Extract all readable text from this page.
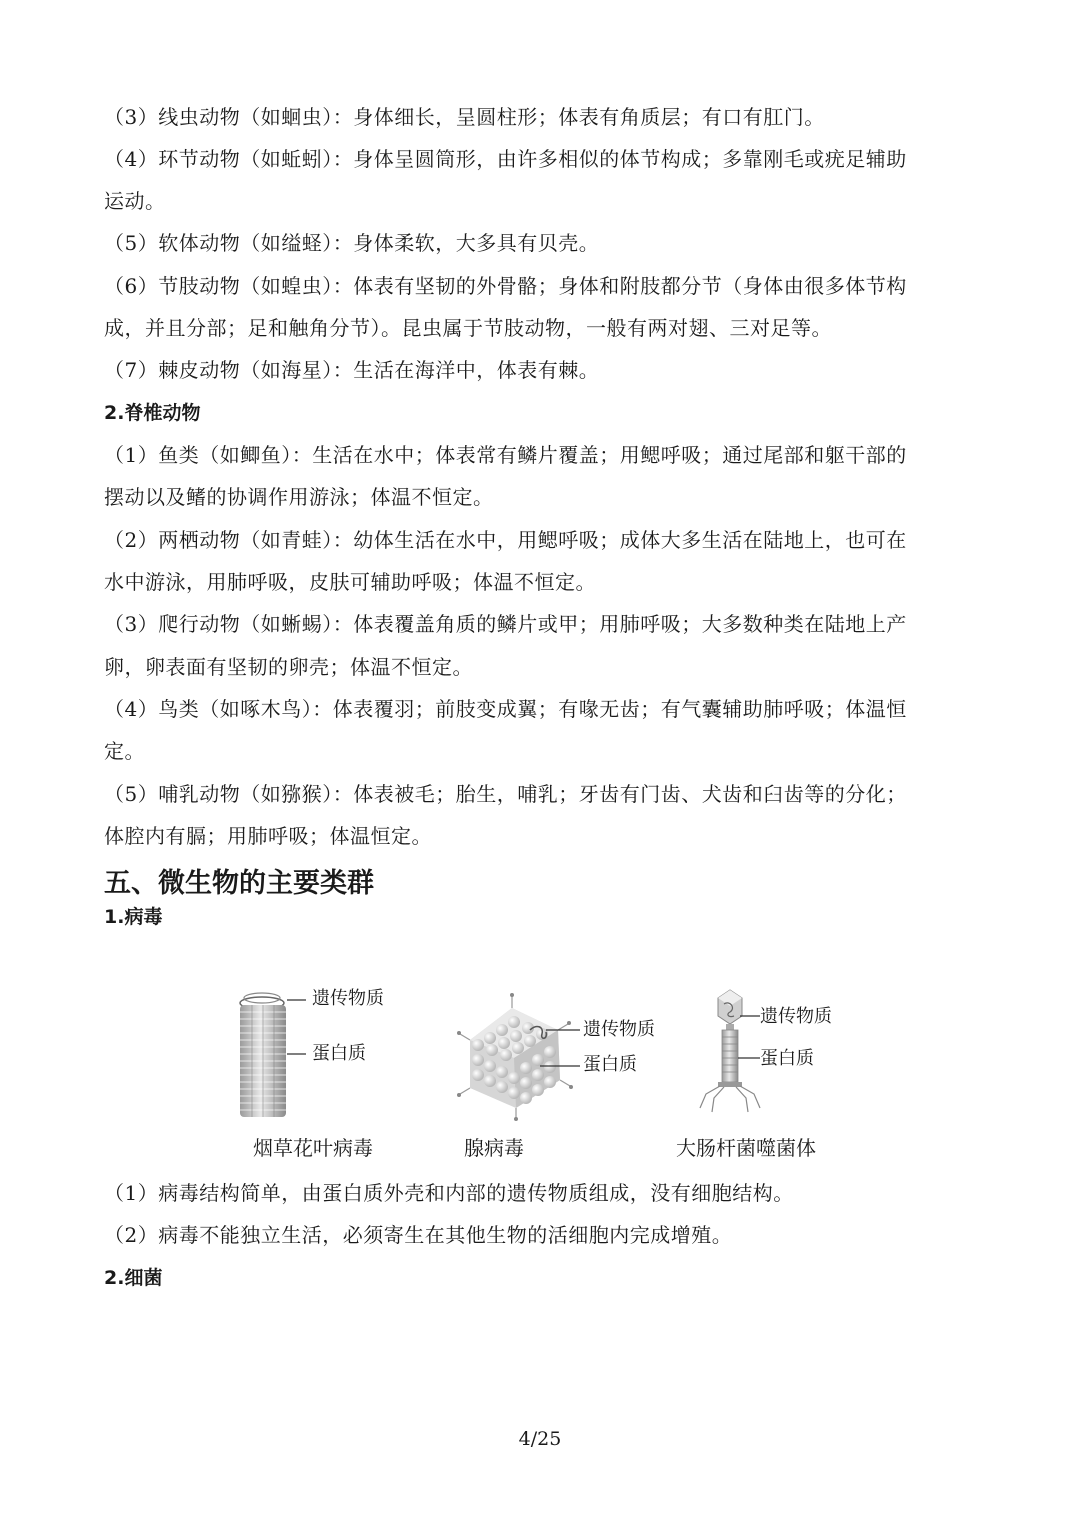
（3）线虫动物（如蛔虫）：身体细长，呈圆柱形；体表有角质层；有口有肛门。
（4）环节动物（如蚯蚓）：身体呈圆筒形，由许多相似的体节构成；多靠刚毛或疣足辅助
运动。
（5）软体动物（如缢蛏）：身体柔软，大多具有贝壳。
（6）节肢动物（如蝗虫）：体表有坚韧的外骨骼；身体和附肢都分节（身体由很多体节构
成，并且分部；足和触角分节）。昆虫属于节肢动物，一般有两对翅、三对足等。
（7）棘皮动物（如海星）：生活在海洋中，体表有棘。
2.脊椎动物
（1）鱼类（如鲫鱼）：生活在水中；体表常有鳞片覆盖；用鳃呼吸；通过尾部和躯干部的
摆动以及鳍的协调作用游泳；体温不恒定。
（2）两栖动物（如青蛙）：幼体生活在水中，用鳃呼吸；成体大多生活在陆地上，也可在
水中游泳，用肺呼吸，皮肤可辅助呼吸；体温不恒定。
（3）爬行动物（如蜥蜴）：体表覆盖角质的鳞片或甲；用肺呼吸；大多数种类在陆地上产
卵，卵表面有坚韧的卵壳；体温不恒定。
（4）鸟类（如啄木鸟）：体表覆羽；前肢变成翼；有喙无齿；有气囊辅助肺呼吸；体温恒
定。
（5）哺乳动物（如猕猴）：体表被毛；胎生，哺乳；牙齿有门齿、犬齿和臼齿等的分化；
体腔内有膈；用肺呼吸；体温恒定。
五、微生物的主要类群
1.病毒
遗传物质
蛋白质
遗传物质
蛋白质
遗传物质
蛋白质
烟草花叶病毒	腺病毒	大肠杆菌噬菌体
（1）病毒结构简单，由蛋白质外壳和内部的遗传物质组成，没有细胞结构。
（2）病毒不能独立生活，必须寄生在其他生物的活细胞内完成增殖。
2.细菌
4/25
